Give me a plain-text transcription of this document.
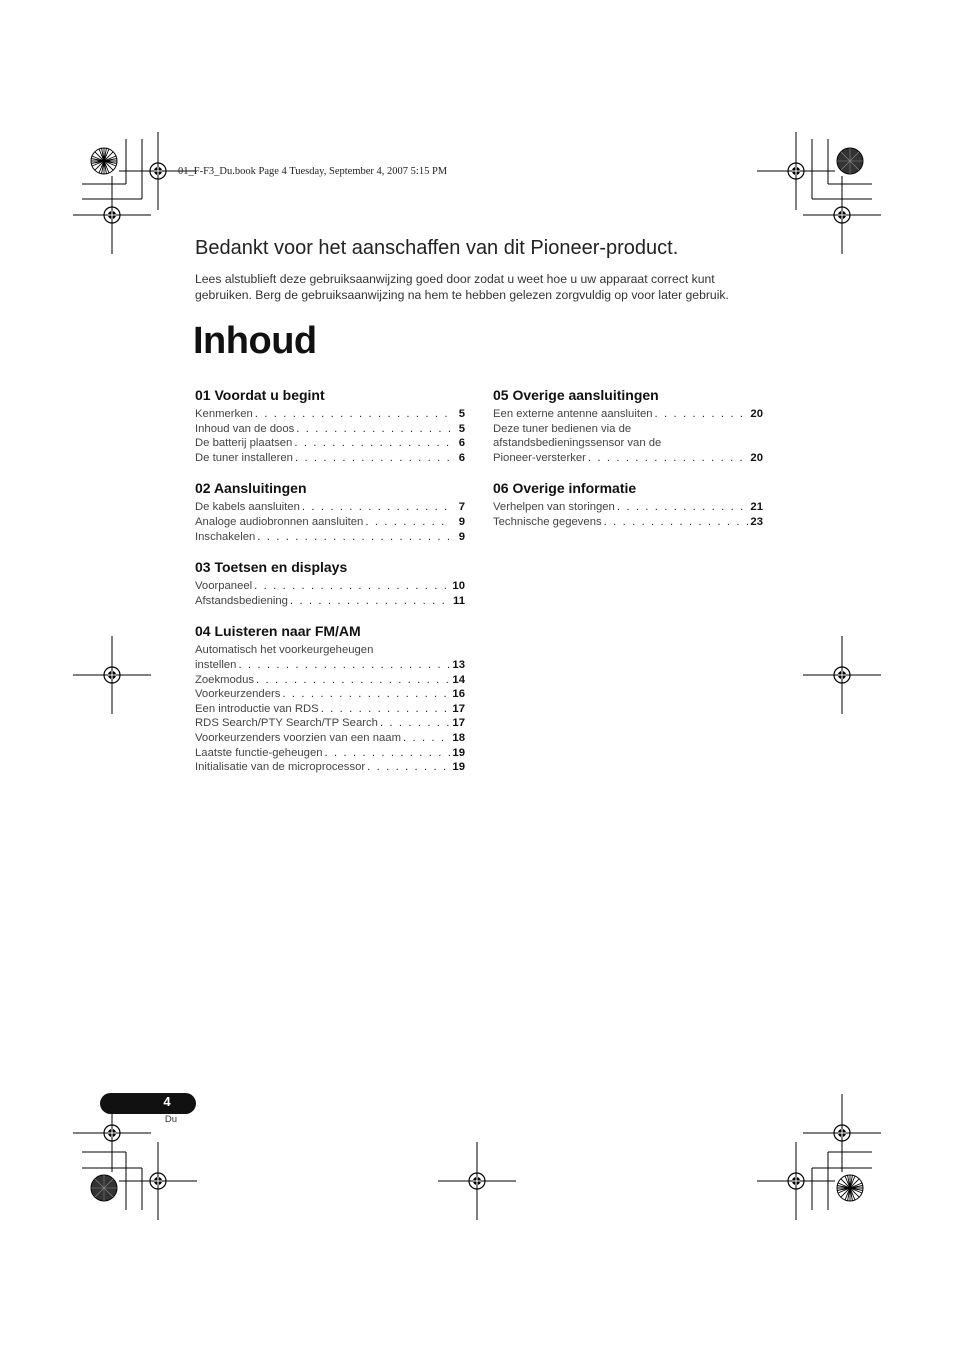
01_F-F3_Du.book Page 4 Tuesday, September 4, 2007 5:15 PM
Bedankt voor het aanschaffen van dit Pioneer-product.
Lees alstublieft deze gebruiksaanwijzing goed door zodat u weet hoe u uw apparaat correct kunt
gebruiken. Berg de gebruiksaanwijzing na hem te hebben gelezen zorgvuldig op voor later gebruik.
Inhoud
01 Voordat u begint
Kenmerken . . .	5
Inhoud van de doos . . .	5
De batterij plaatsen . . .	6
De tuner installeren . . .	6
02 Aansluitingen
De kabels aansluiten . . .	7
Analoge audiobronnen aansluiten . . .	9
Inschakelen . . .	9
03 Toetsen en displays
Voorpaneel . . .	10
Afstandsbediening . . .	11
04 Luisteren naar FM/AM
Automatisch het voorkeurgeheugen
instellen . . .	13
Zoekmodus . . .	14
Voorkeurzenders . . .	16
Een introductie van RDS . . .	17
RDS Search/PTY Search/TP Search . . .	17
Voorkeurzenders voorzien van een naam . . .	18
Laatste functie-geheugen . . .	19
Initialisatie van de microprocessor . . .	19
05 Overige aansluitingen
Een externe antenne aansluiten . . .	20
Deze tuner bedienen via de
afstandsbedieningssensor van de
Pioneer-versterker . . .	20
06 Overige informatie
Verhelpen van storingen . . .	21
Technische gegevens . . .	23
4
Du
